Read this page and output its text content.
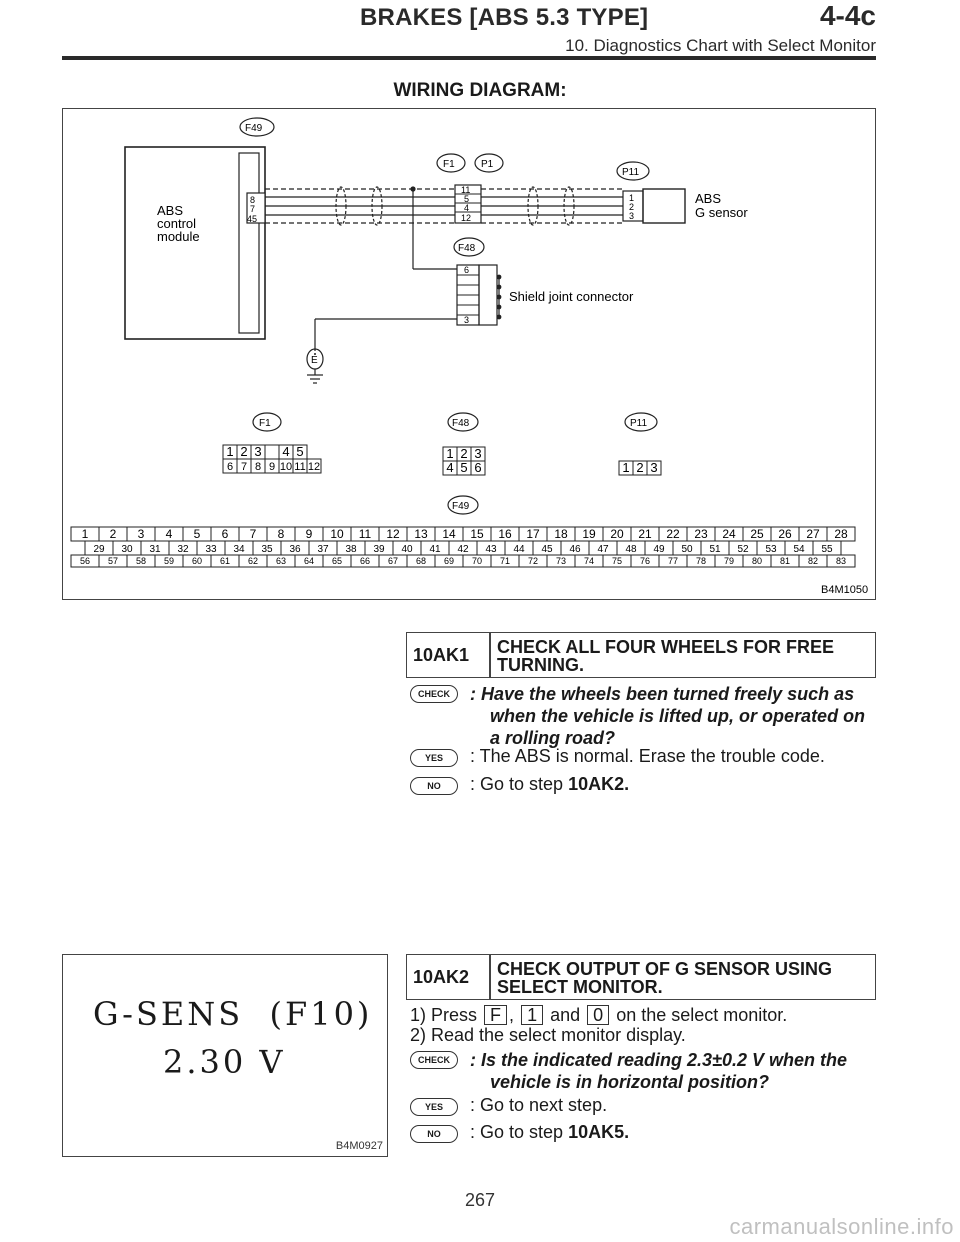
BRAKES [ABS 5.3 TYPE]	4-4c
10. Diagnostics Chart with Select Monitor
WIRING DIAGRAM:
ABS
control
module
8
7
45
F49
F1	P1
11
5
4
12
P11
1
2
3
ABS
G sensor
F48
6
3
Shield joint connector
E
F1
1 2 3 4 5
6 7 8 9 10 11 12
F48
1 2 3
4 5 6
P11
1 2 3
F49
1 2 3 4 5 6 7 8 9 10 11 12 13 14 15 16 17 18 19 20 21 22 23 24 25 26 27 28
29 30 31 32 33 34 35 36 37 38 39 40 41 42 43 44 45 46 47 48 49 50 51 52 53 54 55
56 57 58 59 60 61 62 63 64 65 66 67 68 69 70 71 72 73 74 75 76 77 78 79 80 81 82 83
B4M1050
10AK1 CHECK ALL FOUR WHEELS FOR FREE
TURNING.
CHECK	: Have the wheels been turned freely such as
when the vehicle is lifted up, or operated on
a rolling road?
YES	: The ABS is normal. Erase the trouble code.
NO	: Go to step 10AK2.
G-SENS  (F10)
2.30 V
B4M0927
10AK2 CHECK OUTPUT OF G SENSOR USING
SELECT MONITOR.
1) Press F , 1 and 0 on the select monitor.
2) Read the select monitor display.
CHECK	: Is the indicated reading 2.3±0.2 V when the
vehicle is in horizontal position?
YES	: Go to next step.
NO	: Go to step 10AK5.
267
carmanualsonline.info
